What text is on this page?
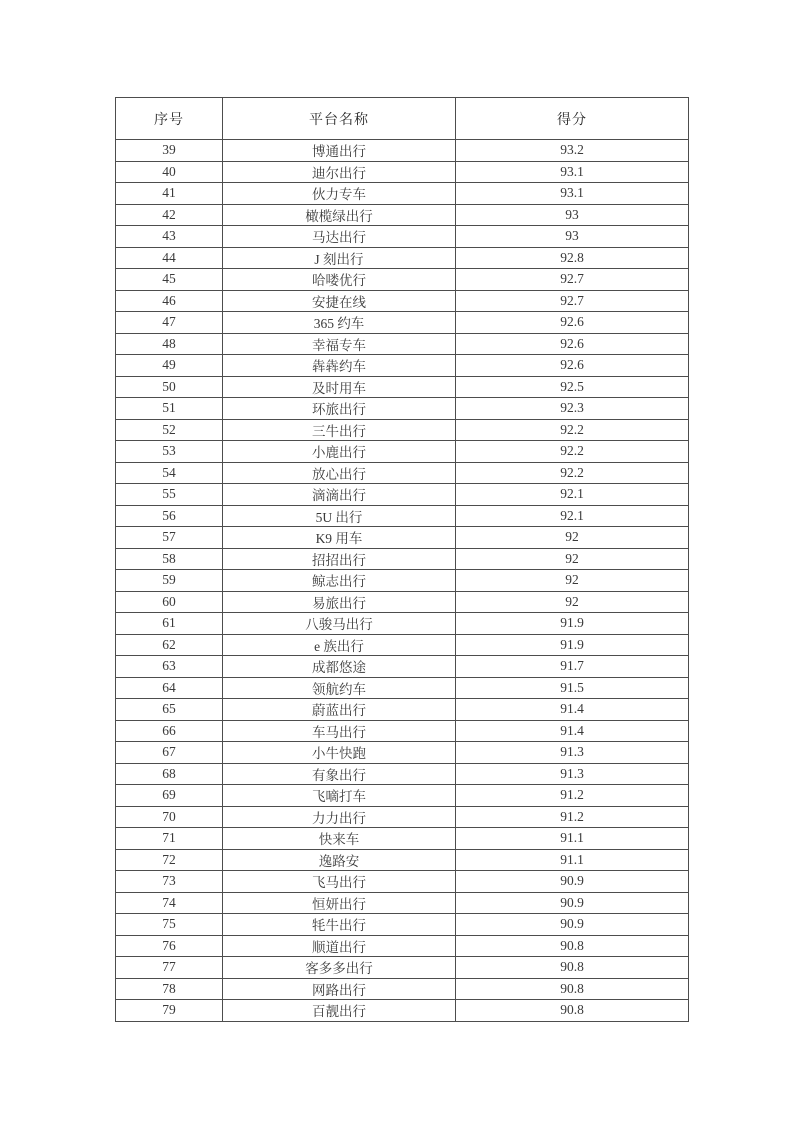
序号	平台名称	得分
39	博通出行	93.2
40	迪尔出行	93.1
41	伙力专车	93.1
42	橄榄绿出行	93
43	马达出行	93
44	J 刻出行	92.8
45	哈喽优行	92.7
46	安捷在线	92.7
47	365 约车	92.6
48	幸福专车	92.6
49	犇犇约车	92.6
50	及时用车	92.5
51	环旅出行	92.3
52	三牛出行	92.2
53	小鹿出行	92.2
54	放心出行	92.2
55	滴滴出行	92.1
56	5U 出行	92.1
57	K9 用车	92
58	招招出行	92
59	鲸志出行	92
60	易旅出行	92
61	八骏马出行	91.9
62	e 族出行	91.9
63	成都悠途	91.7
64	领航约车	91.5
65	蔚蓝出行	91.4
66	车马出行	91.4
67	小牛快跑	91.3
68	有象出行	91.3
69	飞嘀打车	91.2
70	力力出行	91.2
71	快来车	91.1
72	逸路安	91.1
73	飞马出行	90.9
74	恒妍出行	90.9
75	牦牛出行	90.9
76	顺道出行	90.8
77	客多多出行	90.8
78	网路出行	90.8
79	百靓出行	90.8
